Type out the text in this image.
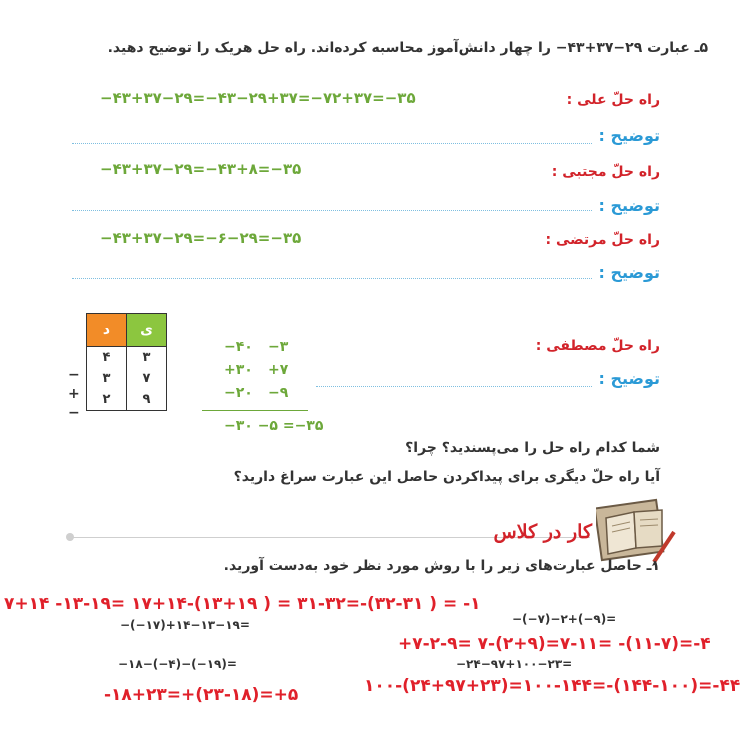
۵ـ عبارت ۲۹−۳۷+۴۳− را چهار دانش‌آموز محاسبه کرده‌اند. راه حل هریک را توضیح دهید.
راه حلّ علی :
−۴۳+۳۷−۲۹=−۴۳−۲۹+۳۷=−۷۲+۳۷=−۳۵
توضیح :
راه حلّ مجتبی :
−۴۳+۳۷−۲۹=−۴۳+۸=−۳۵
توضیح :
راه حلّ مرتضی :
−۴۳+۳۷−۲۹=−۶−۲۹=−۳۵
توضیح :
د	ی
۴	۳
۳	۷
۲	۹
−
+
−
−۴۰ −۳
+۳۰ +۷
−۲۰ −۹
−۳۰ −۵ =−۳۵
راه حلّ مصطفی :
توضیح :
شما کدام راه حل را می‌پسندید؟ چرا؟
آیا راه حلّ دیگری برای پیداکردن حاصل این عبارت سراغ دارید؟
کار در کلاس
۱ـ حاصل عبارت‌های زیر را با روش مورد نظر خود به‌دست آورید.
۷+۱۴ -۱۳-۱۹= ۱۷+۱۴-(۱۳+۱۹ ) = ۳۱-۳۲=-(۳۲-۳۱ ) = -۱
−(−۱۷)+۱۴−۱۳−۱۹=	−(−۷)−۲+(−۹)=
+۷-۲-۹= ۷-(۲+۹)=۷-۱۱= -(۱۱-۷)=-۴
−۱۸−(−۴)−(−۱۹)=	−۲۴−۹۷+۱۰۰−۲۳=
۱۰۰-(۲۴+۹۷+۲۳)=۱۰۰-۱۴۴=-(۱۴۴-۱۰۰)=-۴۴
-۱۸+۲۳=+(۲۳-۱۸)=+۵
